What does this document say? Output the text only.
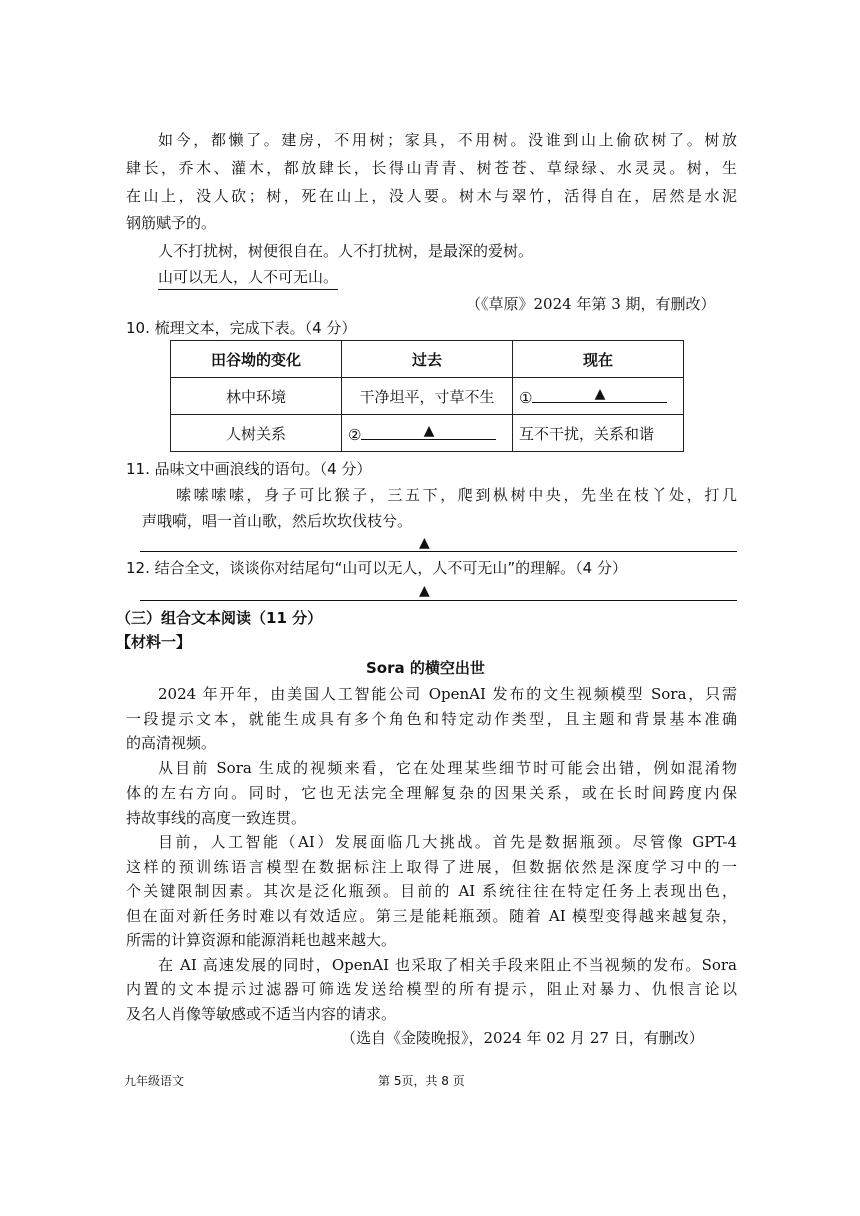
如今，都懒了。建房，不用树；家具，不用树。没谁到山上偷砍树了。树放
肆长，乔木、灌木，都放肆长，长得山青青、树苍苍、草绿绿、水灵灵。树，生
在山上，没人砍；树，死在山上，没人要。树木与翠竹，活得自在，居然是水泥
钢筋赋予的。
人不打扰树，树便很自在。人不打扰树，是最深的爱树。
山可以无人，人不可无山。
（《草原》2024 年第 3 期，有删改）
10. 梳理文本，完成下表。（4 分）
田谷坳的变化	过去	现在
林中环境	干净坦平，寸草不生	① ▲

人树关系	② ▲	互不干扰，关系和谐
11. 品味文中画浪线的语句。（4 分）
嗦嗦嗦嗦，身子可比猴子，三五下，爬到枞树中央，先坐在枝丫处，打几
声哦嗬，唱一首山歌，然后坎坎伐枝兮。
▲
12. 结合全文，谈谈你对结尾句“山可以无人，人不可无山”的理解。（4 分）
▲
（三）组合文本阅读（11 分）
【材料一】
Sora 的横空出世
2024 年开年，由美国人工智能公司 OpenAI 发布的文生视频模型 Sora，只需
一段提示文本，就能生成具有多个角色和特定动作类型，且主题和背景基本准确
的高清视频。
从目前 Sora 生成的视频来看，它在处理某些细节时可能会出错，例如混淆物
体的左右方向。同时，它也无法完全理解复杂的因果关系，或在长时间跨度内保
持故事线的高度一致连贯。
目前，人工智能（AI）发展面临几大挑战。首先是数据瓶颈。尽管像 GPT-4
这样的预训练语言模型在数据标注上取得了进展，但数据依然是深度学习中的一
个关键限制因素。其次是泛化瓶颈。目前的 AI 系统往往在特定任务上表现出色，
但在面对新任务时难以有效适应。第三是能耗瓶颈。随着 AI 模型变得越来越复杂，
所需的计算资源和能源消耗也越来越大。
在 AI 高速发展的同时，OpenAI 也采取了相关手段来阻止不当视频的发布。Sora
内置的文本提示过滤器可筛选发送给模型的所有提示，阻止对暴力、仇恨言论以
及名人肖像等敏感或不适当内容的请求。
（选自《金陵晚报》，2024 年 02 月 27 日，有删改）
九年级语文	第 5页，共 8 页
